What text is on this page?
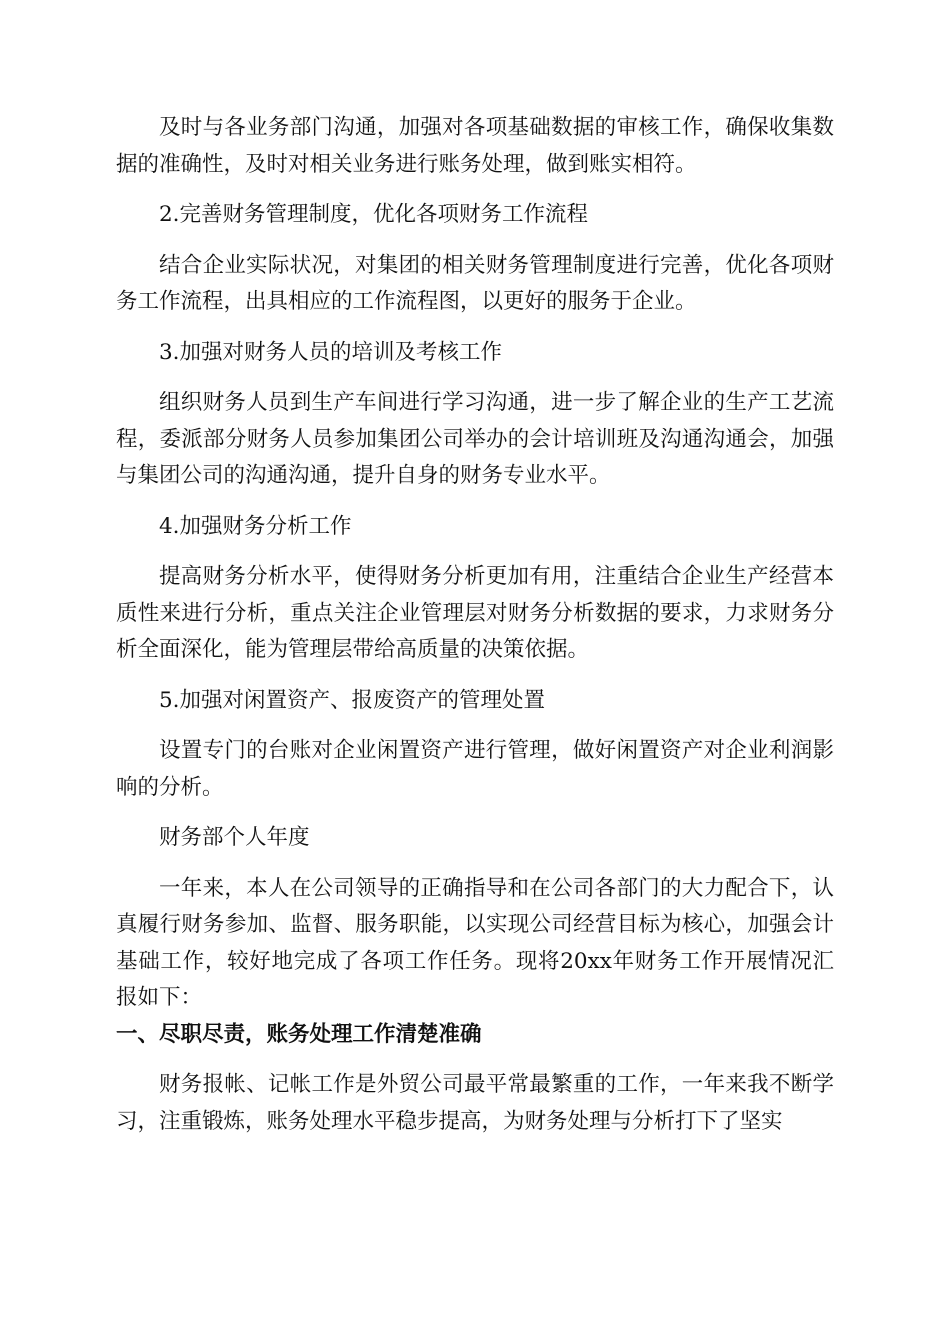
及时与各业务部门沟通，加强对各项基础数据的审核工作，确保收集数据的准确性，及时对相关业务进行账务处理，做到账实相符。

2.完善财务管理制度，优化各项财务工作流程

结合企业实际状况，对集团的相关财务管理制度进行完善，优化各项财务工作流程，出具相应的工作流程图，以更好的服务于企业。

3.加强对财务人员的培训及考核工作

组织财务人员到生产车间进行学习沟通，进一步了解企业的生产工艺流程，委派部分财务人员参加集团公司举办的会计培训班及沟通沟通会，加强与集团公司的沟通沟通，提升自身的财务专业水平。

4.加强财务分析工作

提高财务分析水平，使得财务分析更加有用，注重结合企业生产经营本质性来进行分析，重点关注企业管理层对财务分析数据的要求，力求财务分析全面深化，能为管理层带给高质量的决策依据。

5.加强对闲置资产、报废资产的管理处置

设置专门的台账对企业闲置资产进行管理，做好闲置资产对企业利润影响的分析。

财务部个人年度

一年来，本人在公司领导的正确指导和在公司各部门的大力配合下，认真履行财务参加、监督、服务职能，以实现公司经营目标为核心，加强会计基础工作，较好地完成了各项工作任务。现将20xx年财务工作开展情况汇报如下：

一、尽职尽责，账务处理工作清楚准确

财务报帐、记帐工作是外贸公司最平常最繁重的工作，一年来我不断学习，注重锻炼，账务处理水平稳步提高，为财务处理与分析打下了坚实
